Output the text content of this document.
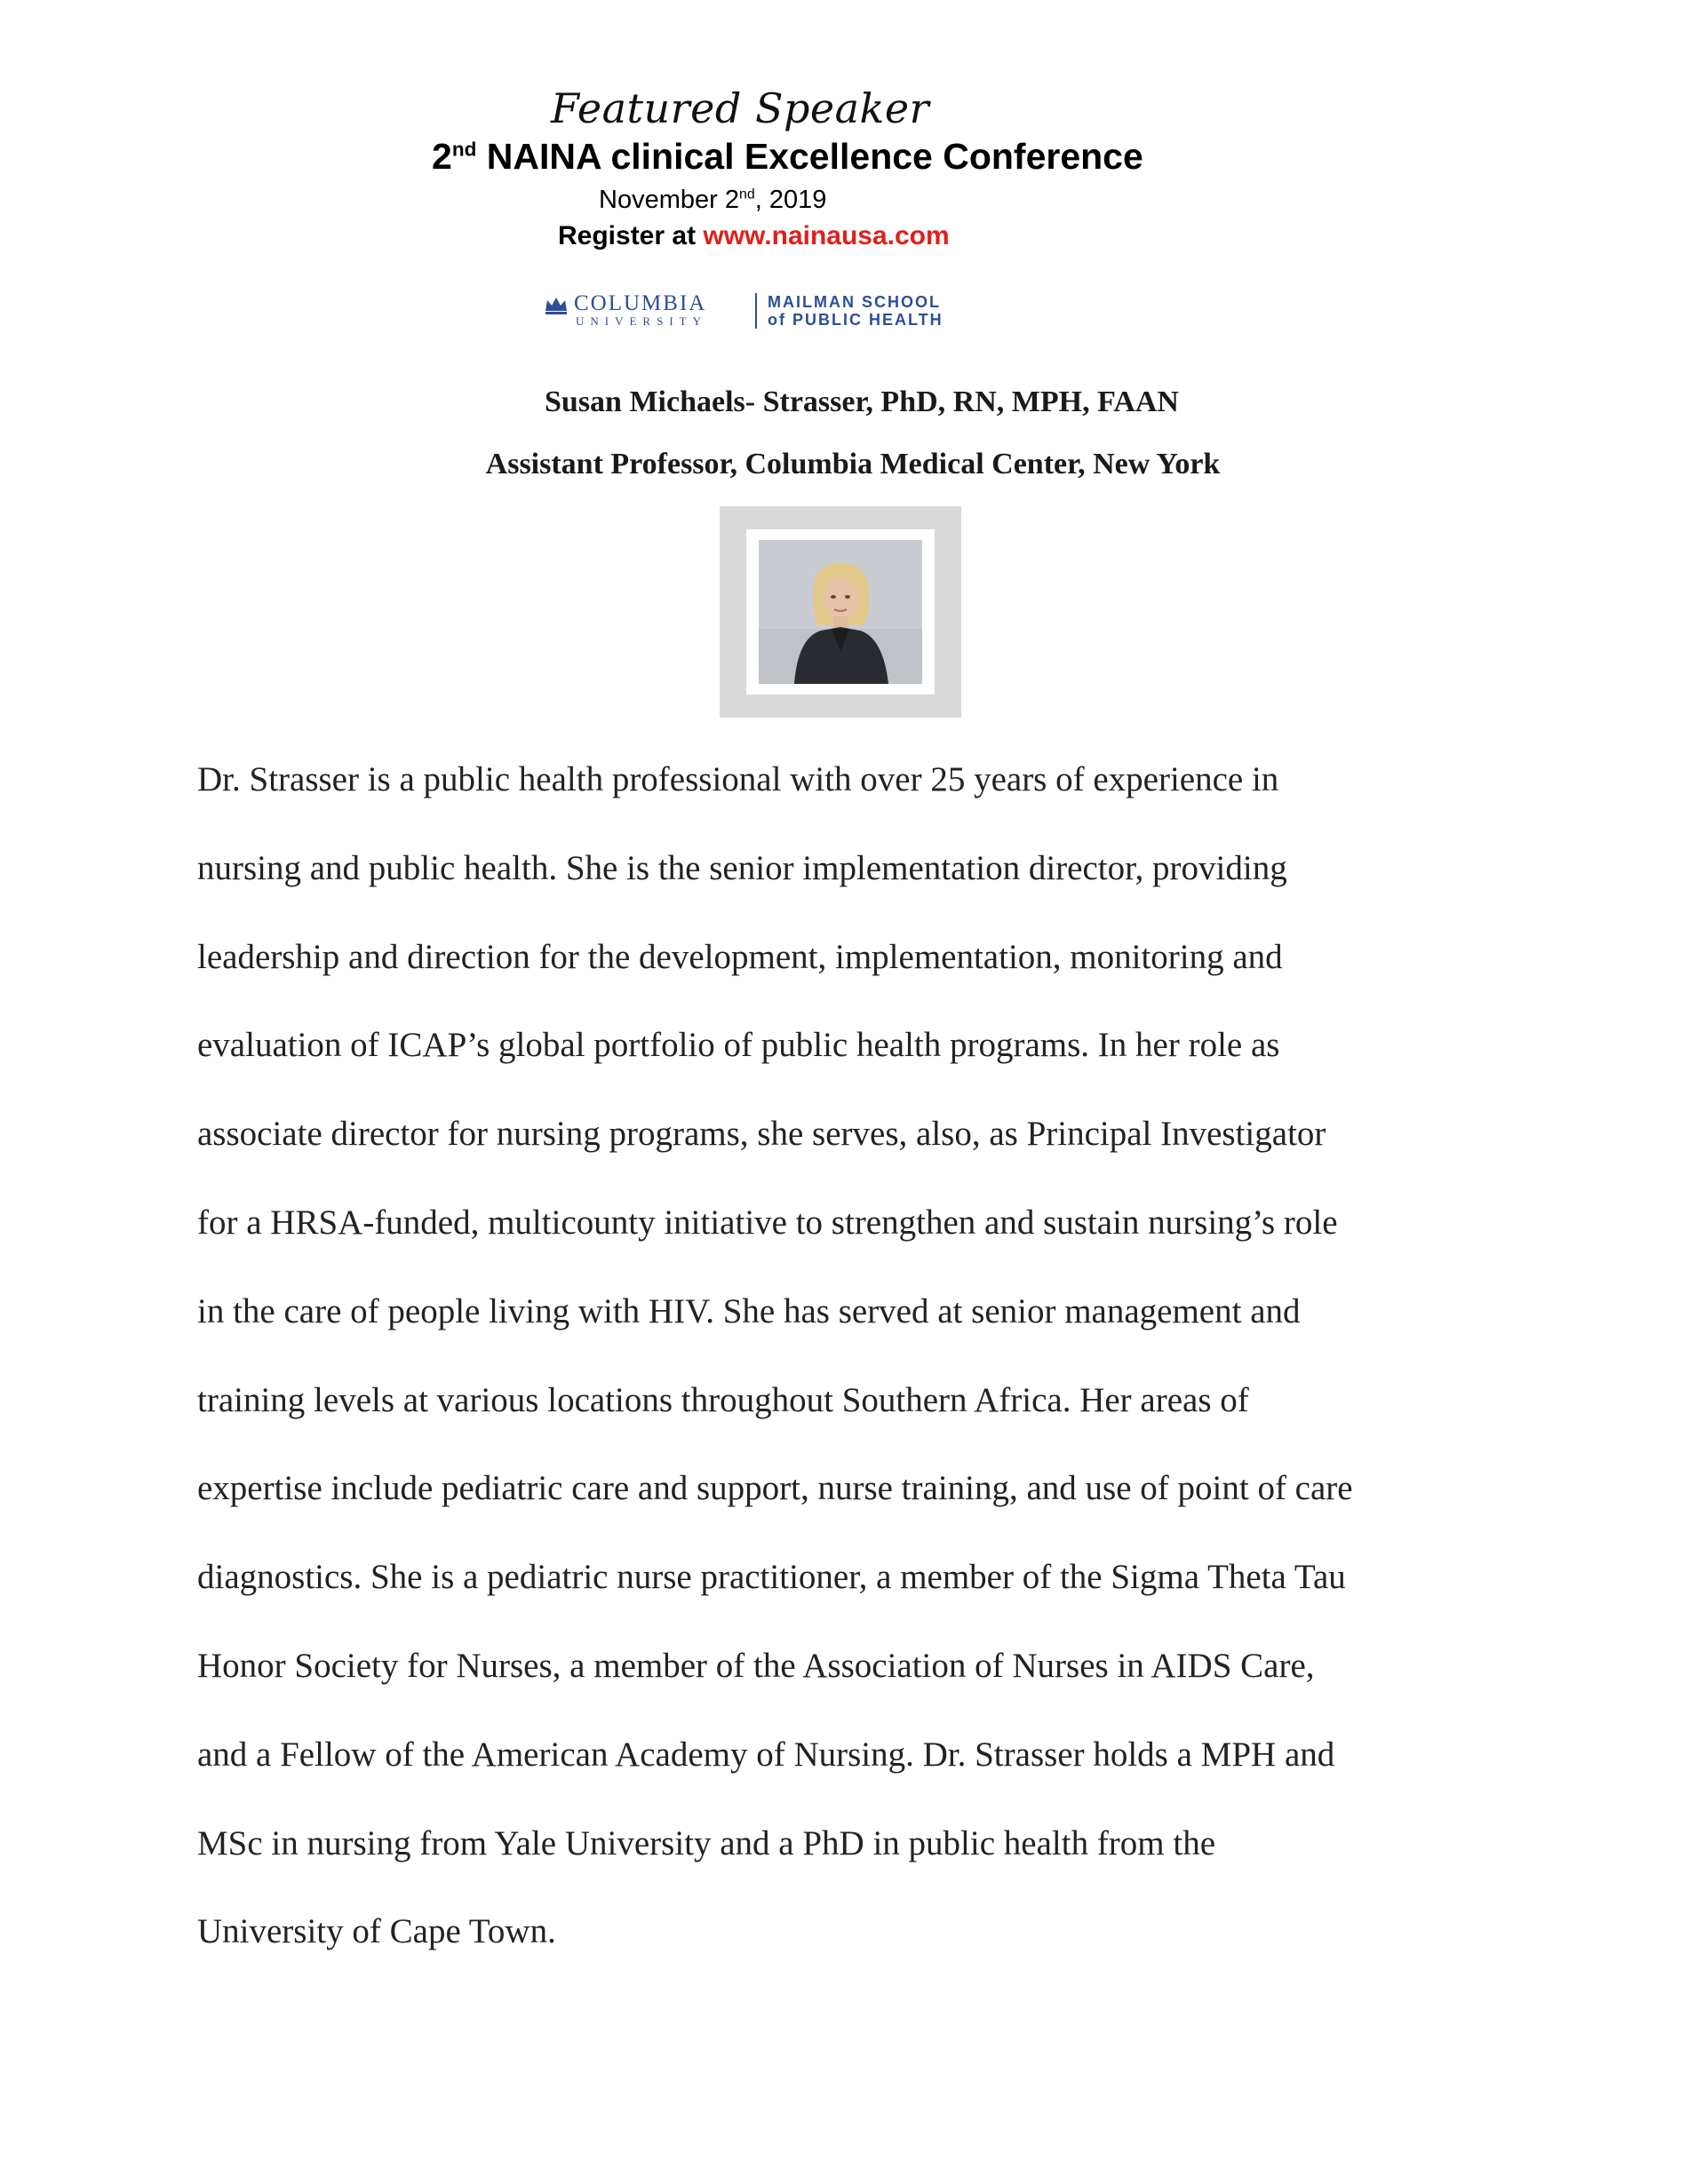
Featured Speaker
2nd NAINA clinical Excellence Conference
November 2nd, 2019
Register at www.nainausa.com
COLUMBIA
UNIVERSITY
MAILMAN SCHOOL
of PUBLIC HEALTH
Susan Michaels- Strasser, PhD, RN, MPH, FAAN
Assistant Professor, Columbia Medical Center, New York
Dr. Strasser is a public health professional with over 25 years of experience in
nursing and public health. She is the senior implementation director, providing
leadership and direction for the development, implementation, monitoring and
evaluation of ICAP’s global portfolio of public health programs. In her role as
associate director for nursing programs, she serves, also, as Principal Investigator
for a HRSA-funded, multicounty initiative to strengthen and sustain nursing’s role
in the care of people living with HIV. She has served at senior management and
training levels at various locations throughout Southern Africa. Her areas of
expertise include pediatric care and support, nurse training, and use of point of care
diagnostics. She is a pediatric nurse practitioner, a member of the Sigma Theta Tau
Honor Society for Nurses, a member of the Association of Nurses in AIDS Care,
and a Fellow of the American Academy of Nursing. Dr. Strasser holds a MPH and
MSc in nursing from Yale University and a PhD in public health from the
University of Cape Town.
